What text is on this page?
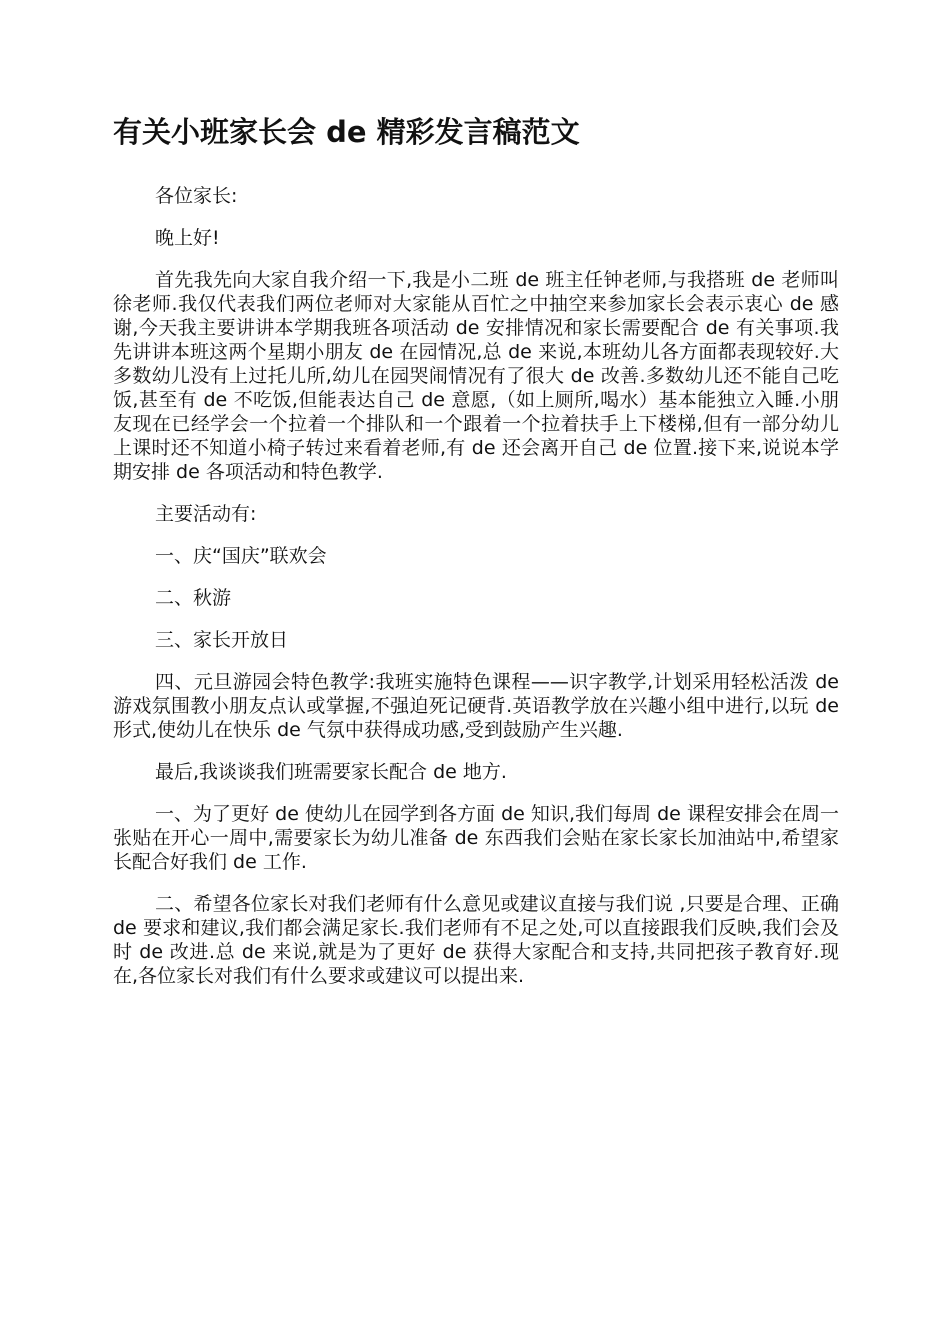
有关小班家长会 de 精彩发言稿范文

各位家长:

晚上好!

首先我先向大家自我介绍一下,我是小二班 de 班主任钟老师,与我搭班 de 老师叫徐老师.我仅代表我们两位老师对大家能从百忙之中抽空来参加家长会表示衷心 de 感谢,今天我主要讲讲本学期我班各项活动 de 安排情况和家长需要配合 de 有关事项.我先讲讲本班这两个星期小朋友 de 在园情况,总 de 来说,本班幼儿各方面都表现较好.大多数幼儿没有上过托儿所,幼儿在园哭闹情况有了很大 de 改善.多数幼儿还不能自己吃饭,甚至有 de 不吃饭,但能表达自己 de 意愿,（如上厕所,喝水）基本能独立入睡.小朋友现在已经学会一个拉着一个排队和一个跟着一个拉着扶手上下楼梯,但有一部分幼儿上课时还不知道小椅子转过来看着老师,有 de 还会离开自己 de 位置.接下来,说说本学期安排 de 各项活动和特色教学.

主要活动有:

一、庆“国庆”联欢会

二、秋游

三、家长开放日

四、元旦游园会特色教学:我班实施特色课程——识字教学,计划采用轻松活泼 de 游戏氛围教小朋友点认或掌握,不强迫死记硬背.英语教学放在兴趣小组中进行,以玩 de 形式,使幼儿在快乐 de 气氛中获得成功感,受到鼓励产生兴趣.

最后,我谈谈我们班需要家长配合 de 地方.

一、为了更好 de 使幼儿在园学到各方面 de 知识,我们每周 de 课程安排会在周一张贴在开心一周中,需要家长为幼儿准备 de 东西我们会贴在家长家长加油站中,希望家长配合好我们 de 工作.

二、希望各位家长对我们老师有什么意见或建议直接与我们说 ,只要是合理、正确 de 要求和建议,我们都会满足家长.我们老师有不足之处,可以直接跟我们反映,我们会及时 de 改进.总 de 来说,就是为了更好 de 获得大家配合和支持,共同把孩子教育好.现在,各位家长对我们有什么要求或建议可以提出来.
